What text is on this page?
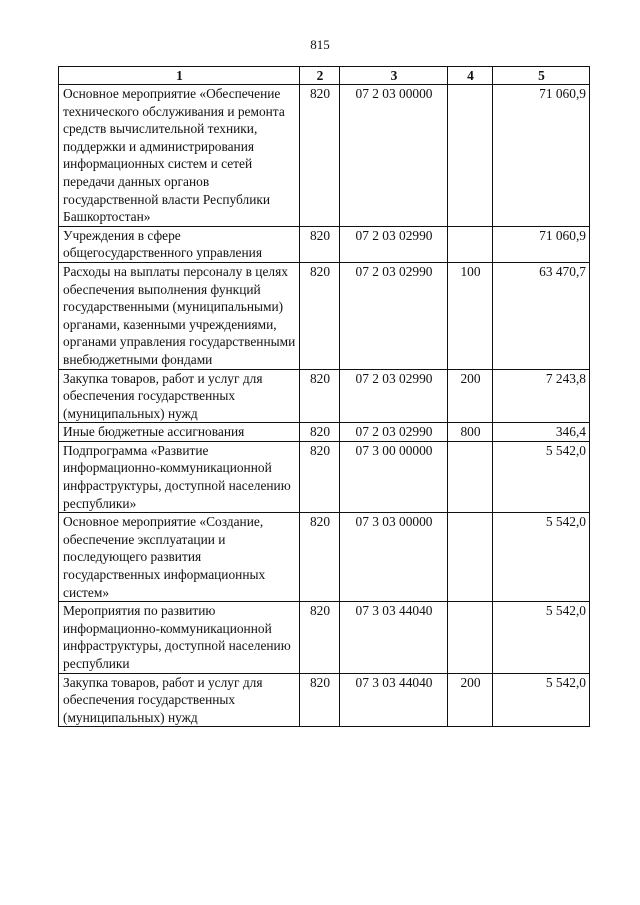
815
1	2	3	4	5
Основное мероприятие «Обеспечение технического обслуживания и ремонта средств вычислительной техники, поддержки и администрирования информационных систем и сетей передачи данных органов государственной власти Республики Башкортостан»	820	07 2 03 00000		71 060,9
Учреждения в сфере общегосударственного управления	820	07 2 03 02990		71 060,9
Расходы на выплаты персоналу в целях обеспечения выполнения функций государственными (муниципальными) органами, казенными учреждениями, органами управления государственными внебюджетными фондами	820	07 2 03 02990	100	63 470,7
Закупка товаров, работ и услуг для обеспечения государственных (муниципальных) нужд	820	07 2 03 02990	200	7 243,8
Иные бюджетные ассигнования	820	07 2 03 02990	800	346,4
Подпрограмма «Развитие информационно-коммуникационной инфраструктуры, доступной населению республики»	820	07 3 00 00000		5 542,0
Основное мероприятие «Создание, обеспечение эксплуатации и последующего развития государственных информационных систем»	820	07 3 03 00000		5 542,0
Мероприятия по развитию информационно-коммуникационной инфраструктуры, доступной населению республики	820	07 3 03 44040		5 542,0
Закупка товаров, работ и услуг для обеспечения государственных (муниципальных) нужд	820	07 3 03 44040	200	5 542,0
